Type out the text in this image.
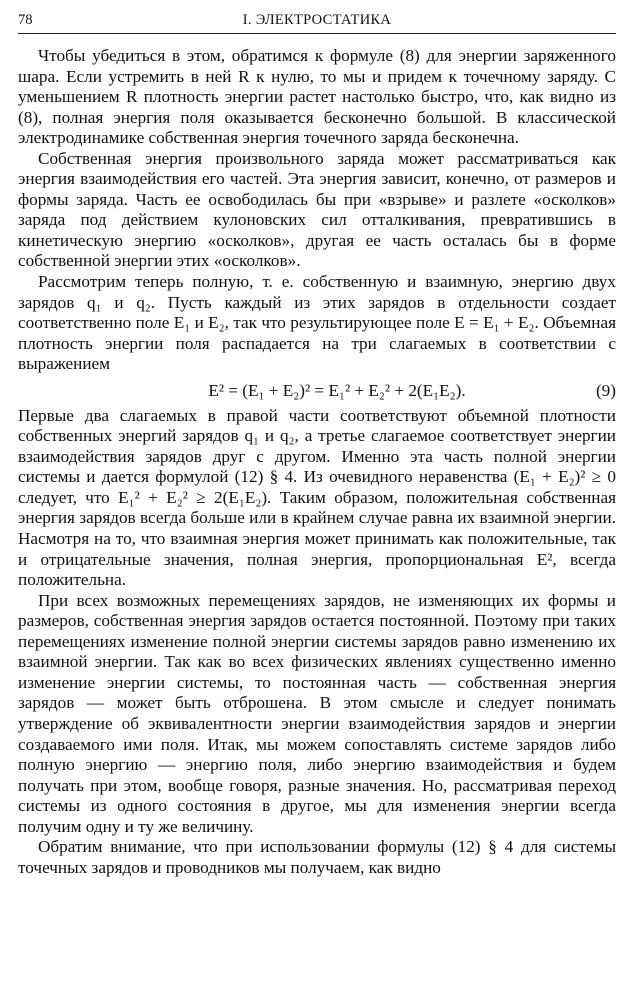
78	I. ЭЛЕКТРОСТАТИКА

Чтобы убедиться в этом, обратимся к формуле (8) для энергии заряженного шара. Если устремить в ней R к нулю, то мы и придем к точечному заряду. С уменьшением R плотность энергии растет настолько быстро, что, как видно из (8), полная энергия поля оказывается бесконечно большой. В классической электродинамике собственная энергия точечного заряда бесконечна.

Собственная энергия произвольного заряда может рассматриваться как энергия взаимодействия его частей. Эта энергия зависит, конечно, от размеров и формы заряда. Часть ее освободилась бы при «взрыве» и разлете «осколков» заряда под действием кулоновских сил отталкивания, превратившись в кинетическую энергию «осколков», другая ее часть осталась бы в форме собственной энергии этих «осколков».

Рассмотрим теперь полную, т. е. собственную и взаимную, энергию двух зарядов q₁ и q₂. Пусть каждый из этих зарядов в отдельности создает соответственно поле E₁ и E₂, так что результирующее поле E = E₁ + E₂. Объемная плотность энергии поля распадается на три слагаемых в соответствии с выражением

E² = (E₁ + E₂)² = E₁² + E₂² + 2(E₁E₂).	(9)

Первые два слагаемых в правой части соответствуют объемной плотности собственных энергий зарядов q₁ и q₂, а третье слагаемое соответствует энергии взаимодействия зарядов друг с другом. Именно эта часть полной энергии системы и дается формулой (12) § 4. Из очевидного неравенства (E₁ + E₂)² ≥ 0 следует, что E₁² + E₂² ≥ 2(E₁E₂). Таким образом, положительная собственная энергия зарядов всегда больше или в крайнем случае равна их взаимной энергии. Насмотря на то, что взаимная энергия может принимать как положительные, так и отрицательные значения, полная энергия, пропорциональная E², всегда положительна.

При всех возможных перемещениях зарядов, не изменяющих их формы и размеров, собственная энергия зарядов остается постоянной. Поэтому при таких перемещениях изменение полной энергии системы зарядов равно изменению их взаимной энергии. Так как во всех физических явлениях существенно именно изменение энергии системы, то постоянная часть — собственная энергия зарядов — может быть отброшена. В этом смысле и следует понимать утверждение об эквивалентности энергии взаимодействия зарядов и энергии создаваемого ими поля. Итак, мы можем сопоставлять системе зарядов либо полную энергию — энергию поля, либо энергию взаимодействия и будем получать при этом, вообще говоря, разные значения. Но, рассматривая переход системы из одного состояния в другое, мы для изменения энергии всегда получим одну и ту же величину.

Обратим внимание, что при использовании формулы (12) § 4 для системы точечных зарядов и проводников мы получаем, как видно
